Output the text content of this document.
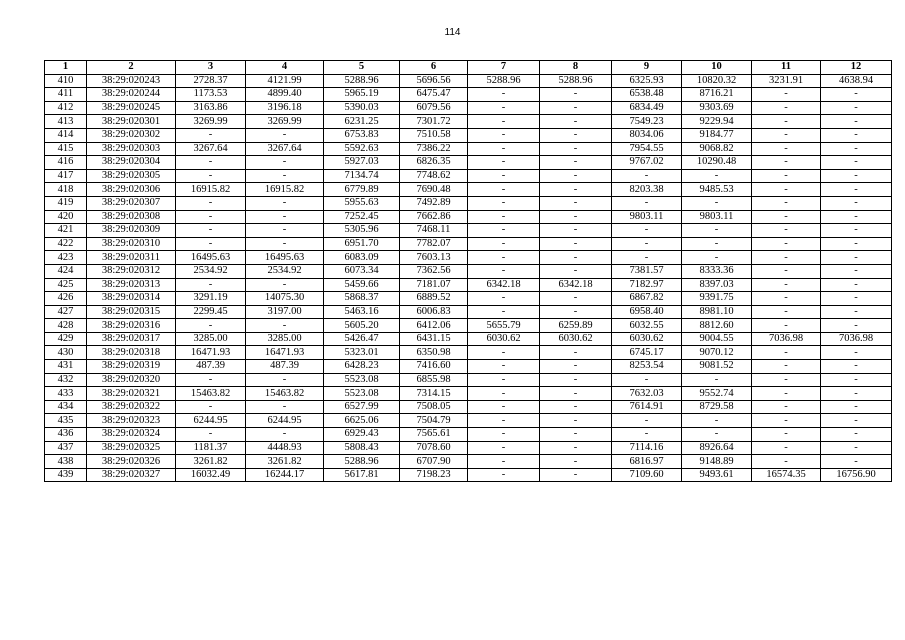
114
1	2	3	4	5	6	7	8	9	10	11	12
410	38:29:020243	2728.37	4121.99	5288.96	5696.56	5288.96	5288.96	6325.93	10820.32	3231.91	4638.94
411	38:29:020244	1173.53	4899.40	5965.19	6475.47	-	-	6538.48	8716.21	-	-
412	38:29:020245	3163.86	3196.18	5390.03	6079.56	-	-	6834.49	9303.69	-	-
413	38:29:020301	3269.99	3269.99	6231.25	7301.72	-	-	7549.23	9229.94	-	-
414	38:29:020302	-	-	6753.83	7510.58	-	-	8034.06	9184.77	-	-
415	38:29:020303	3267.64	3267.64	5592.63	7386.22	-	-	7954.55	9068.82	-	-
416	38:29:020304	-	-	5927.03	6826.35	-	-	9767.02	10290.48	-	-
417	38:29:020305	-	-	7134.74	7748.62	-	-	-	-	-	-
418	38:29:020306	16915.82	16915.82	6779.89	7690.48	-	-	8203.38	9485.53	-	-
419	38:29:020307	-	-	5955.63	7492.89	-	-	-	-	-	-
420	38:29:020308	-	-	7252.45	7662.86	-	-	9803.11	9803.11	-	-
421	38:29:020309	-	-	5305.96	7468.11	-	-	-	-	-	-
422	38:29:020310	-	-	6951.70	7782.07	-	-	-	-	-	-
423	38:29:020311	16495.63	16495.63	6083.09	7603.13	-	-	-	-	-	-
424	38:29:020312	2534.92	2534.92	6073.34	7362.56	-	-	7381.57	8333.36	-	-
425	38:29:020313	-	-	5459.66	7181.07	6342.18	6342.18	7182.97	8397.03	-	-
426	38:29:020314	3291.19	14075.30	5868.37	6889.52	-	-	6867.82	9391.75	-	-
427	38:29:020315	2299.45	3197.00	5463.16	6006.83	-	-	6958.40	8981.10	-	-
428	38:29:020316	-	-	5605.20	6412.06	5655.79	6259.89	6032.55	8812.60	-	-
429	38:29:020317	3285.00	3285.00	5426.47	6431.15	6030.62	6030.62	6030.62	9004.55	7036.98	7036.98
430	38:29:020318	16471.93	16471.93	5323.01	6350.98	-	-	6745.17	9070.12	-	-
431	38:29:020319	487.39	487.39	6428.23	7416.60	-	-	8253.54	9081.52	-	-
432	38:29:020320	-	-	5523.08	6855.98	-	-	-	-	-	-
433	38:29:020321	15463.82	15463.82	5523.08	7314.15	-	-	7632.03	9552.74	-	-
434	38:29:020322	-	-	6527.99	7508.05	-	-	7614.91	8729.58	-	-
435	38:29:020323	6244.95	6244.95	6625.06	7504.79	-	-	-	-	-	-
436	38:29:020324	-	-	6929.43	7565.61	-	-	-	-	-	-
437	38:29:020325	1181.37	4448.93	5808.43	7078.60	-	-	7114.16	8926.64	-	-
438	38:29:020326	3261.82	3261.82	5288.96	6707.90	-	-	6816.97	9148.89	-	-
439	38:29:020327	16032.49	16244.17	5617.81	7198.23	-	-	7109.60	9493.61	16574.35	16756.90
